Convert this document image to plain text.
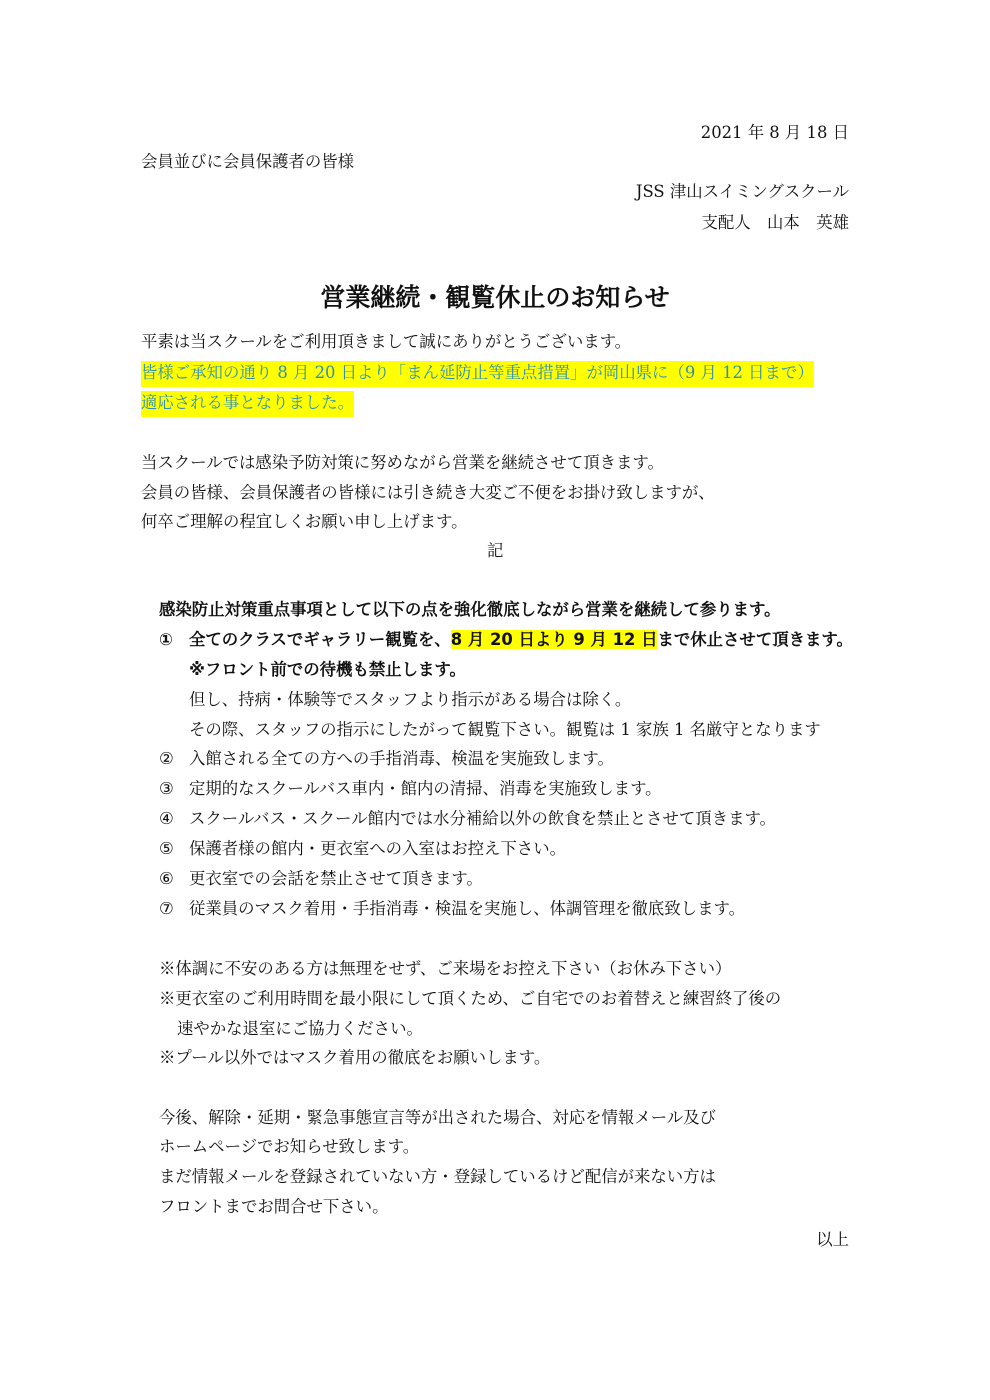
2021 年 8 月 18 日
会員並びに会員保護者の皆様
JSS 津山スイミングスクール
支配人　山本　英雄
営業継続・観覧休止のお知らせ
平素は当スクールをご利用頂きまして誠にありがとうございます。
皆様ご承知の通り 8 月 20 日より「まん延防止等重点措置」が岡山県に（9 月 12 日まで）
適応される事となりました。
当スクールでは感染予防対策に努めながら営業を継続させて頂きます。
会員の皆様、会員保護者の皆様には引き続き大変ご不便をお掛け致しますが、
何卒ご理解の程宜しくお願い申し上げます。
記
感染防止対策重点事項として以下の点を強化徹底しながら営業を継続して参ります。
① 全てのクラスでギャラリー観覧を、8 月 20 日より 9 月 12 日まで休止させて頂きます。
※フロント前での待機も禁止します。
但し、持病・体験等でスタッフより指示がある場合は除く。
その際、スタッフの指示にしたがって観覧下さい。観覧は 1 家族 1 名厳守となります
② 入館される全ての方への手指消毒、検温を実施致します。
③ 定期的なスクールバス車内・館内の清掃、消毒を実施致します。
④ スクールバス・スクール館内では水分補給以外の飲食を禁止とさせて頂きます。
⑤ 保護者様の館内・更衣室への入室はお控え下さい。
⑥ 更衣室での会話を禁止させて頂きます。
⑦ 従業員のマスク着用・手指消毒・検温を実施し、体調管理を徹底致します。
※体調に不安のある方は無理をせず、ご来場をお控え下さい（お休み下さい）
※更衣室のご利用時間を最小限にして頂くため、ご自宅でのお着替えと練習終了後の
速やかな退室にご協力ください。
※プール以外ではマスク着用の徹底をお願いします。
今後、解除・延期・緊急事態宣言等が出された場合、対応を情報メール及び
ホームページでお知らせ致します。
まだ情報メールを登録されていない方・登録しているけど配信が来ない方は
フロントまでお問合せ下さい。
以上
